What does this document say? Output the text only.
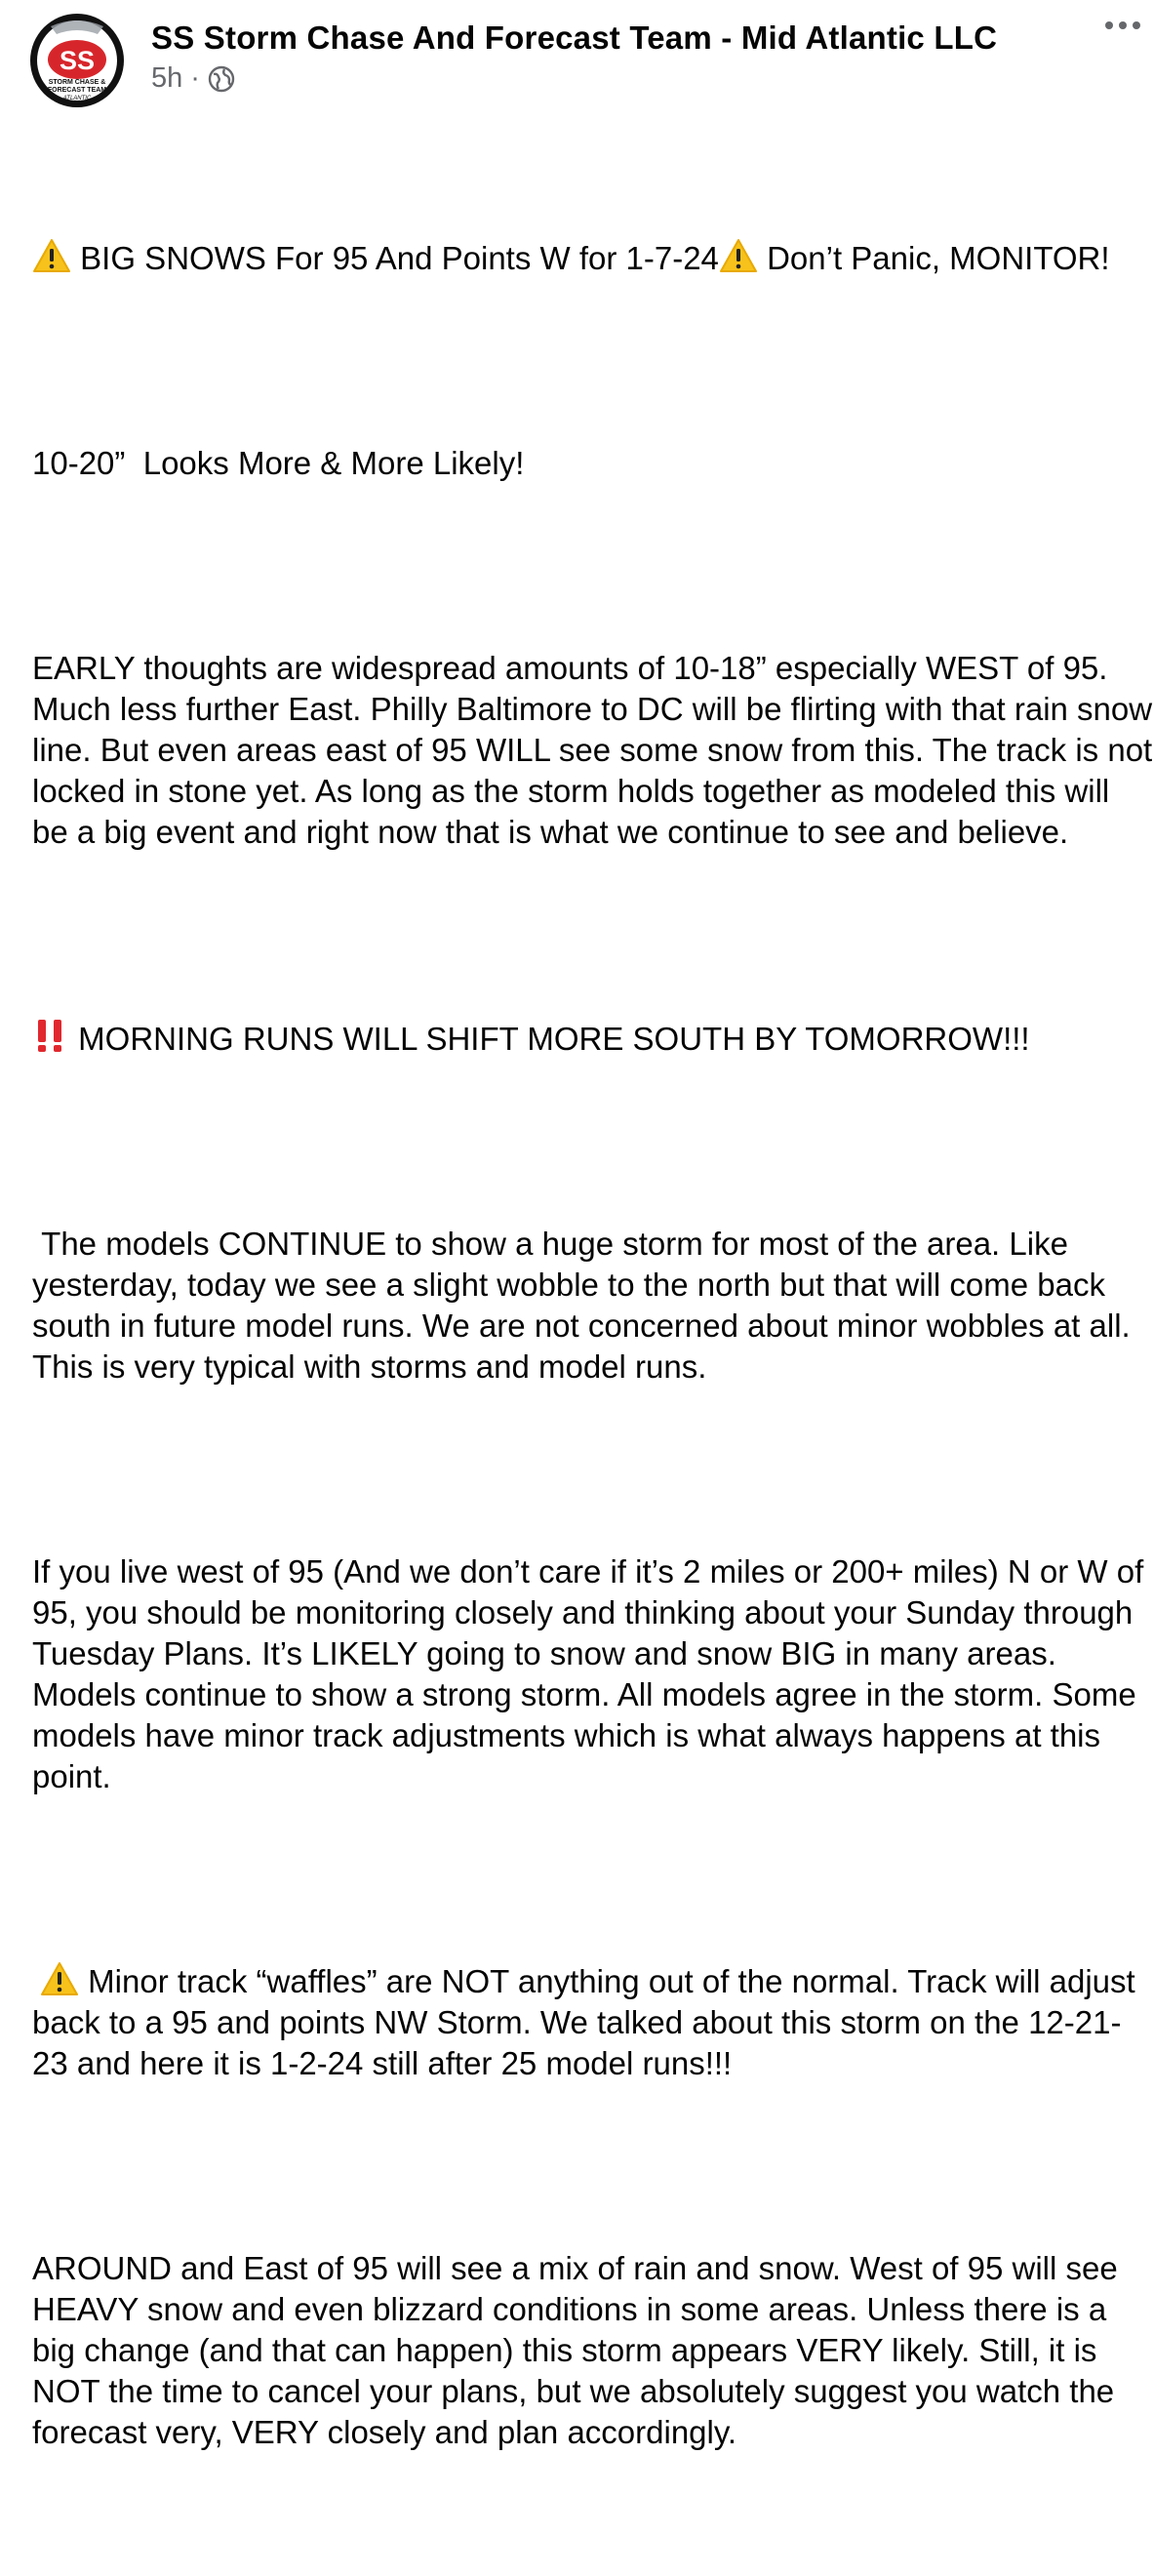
SS
STORM CHASE &
FORECAST TEAM
ATLANTIC
SS Storm Chase And Forecast Team - Mid Atlantic LLC
5h ·

BIG SNOWS For 95 And Points W for 1-7-24 Don’t Panic, MONITOR!

10-20”  Looks More & More Likely!

EARLY thoughts are widespread amounts of 10-18” especially WEST of 95. Much less further East. Philly Baltimore to DC will be flirting with that rain snow line. But even areas east of 95 WILL see some snow from this. The track is not locked in stone yet. As long as the storm holds together as modeled this will be a big event and right now that is what we continue to see and believe.

MORNING RUNS WILL SHIFT MORE SOUTH BY TOMORROW!!!

The models CONTINUE to show a huge storm for most of the area. Like yesterday, today we see a slight wobble to the north but that will come back south in future model runs. We are not concerned about minor wobbles at all. This is very typical with storms and model runs.

If you live west of 95 (And we don’t care if it’s 2 miles or 200+ miles) N or W of 95, you should be monitoring closely and thinking about your Sunday through Tuesday Plans. It’s LIKELY going to snow and snow BIG in many areas. Models continue to show a strong storm. All models agree in the storm. Some models have minor track adjustments which is what always happens at this point.

Minor track “waffles” are NOT anything out of the normal. Track will adjust back to a 95 and points NW Storm. We talked about this storm on the 12-21-23 and here it is 1-2-24 still after 25 model runs!!!

AROUND and East of 95 will see a mix of rain and snow. West of 95 will see HEAVY snow and even blizzard conditions in some areas. Unless there is a big change (and that can happen) this storm appears VERY likely. Still, it is NOT the time to cancel your plans, but we absolutely suggest you watch the forecast very, VERY closely and plan accordingly.
